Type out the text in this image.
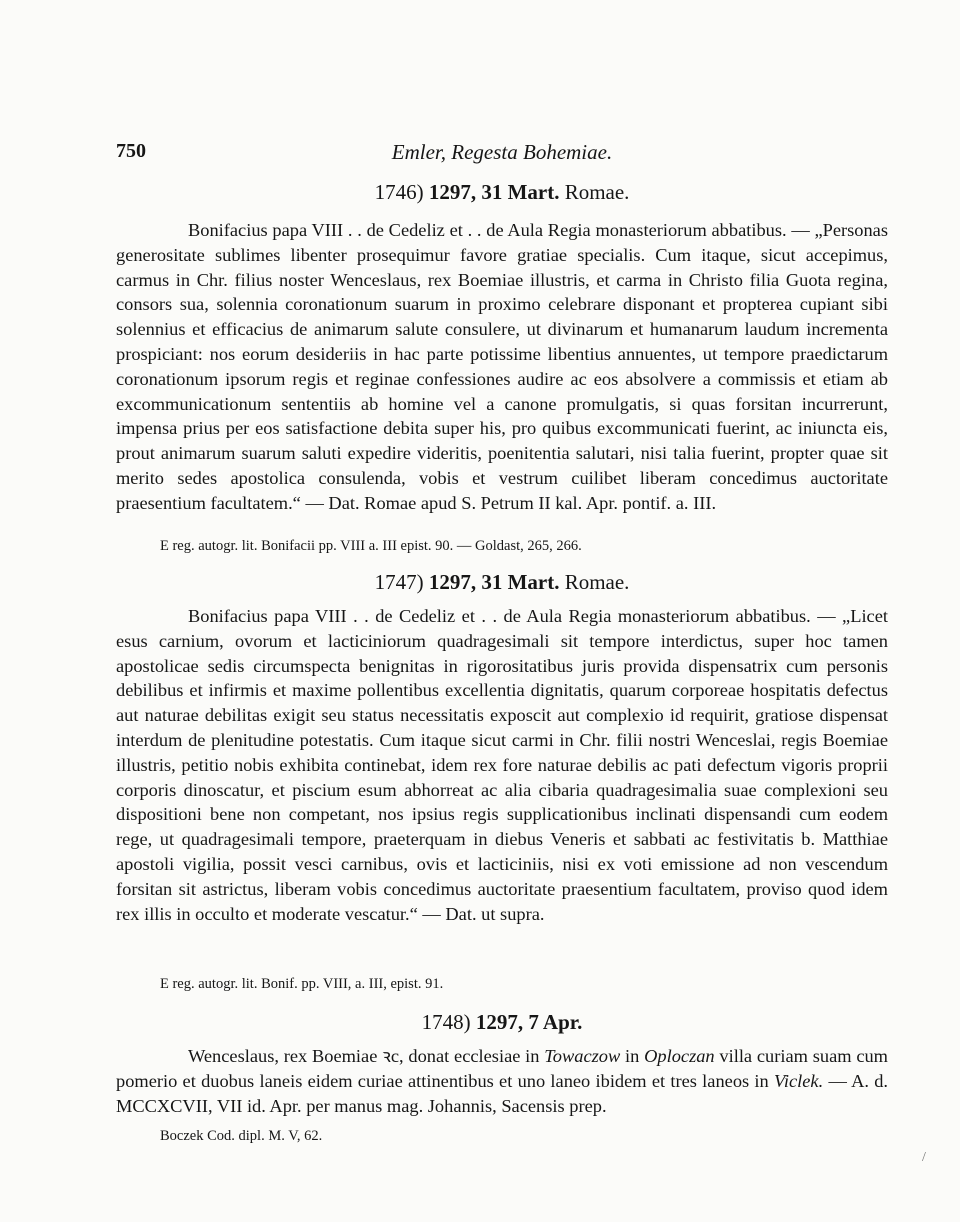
750	Emler, Regesta Bohemiae.
1746) 1297, 31 Mart. Romae.

Bonifacius papa VIII . . de Cedeliz et . . de Aula Regia monasteriorum abbatibus. — „Personas generositate sublimes libenter prosequimur favore gratiae specialis. Cum itaque, sicut accepimus, carmus in Chr. filius noster Wenceslaus, rex Boemiae illustris, et carma in Christo filia Guota regina, consors sua, solennia coronationum suarum in proximo celebrare disponant et propterea cupiant sibi solennius et efficacius de animarum salute consulere, ut divinarum et humanarum laudum incrementa prospiciant: nos eorum desideriis in hac parte potissime libentius annuentes, ut tempore praedictarum coronationum ipsorum regis et reginae confessiones audire ac eos absolvere a commissis et etiam ab excommunicationum sententiis ab homine vel a canone promulgatis, si quas forsitan incurrerunt, impensa prius per eos satisfactione debita super his, pro quibus excommunicati fuerint, ac iniuncta eis, prout animarum suarum saluti expedire videritis, poenitentia salutari, nisi talia fuerint, propter quae sit merito sedes apostolica consulenda, vobis et vestrum cuilibet liberam concedimus auctoritate praesentium facultatem.“ — Dat. Romae apud S. Petrum II kal. Apr. pontif. a. III.

E reg. autogr. lit. Bonifacii pp. VIII a. III epist. 90. — Goldast, 265, 266.
1747) 1297, 31 Mart. Romae.

Bonifacius papa VIII . . de Cedeliz et . . de Aula Regia monasteriorum abbatibus. — „Licet esus carnium, ovorum et lacticiniorum quadragesimali sit tempore interdictus, super hoc tamen apostolicae sedis circumspecta benignitas in rigorositatibus juris provida dispensatrix cum personis debilibus et infirmis et maxime pollentibus excellentia dignitatis, quarum corporeae hospitatis defectus aut naturae debilitas exigit seu status necessitatis exposcit aut complexio id requirit, gratiose dispensat interdum de plenitudine potestatis. Cum itaque sicut carmi in Chr. filii nostri Wenceslai, regis Boemiae illustris, petitio nobis exhibita continebat, idem rex fore naturae debilis ac pati defectum vigoris proprii corporis dinoscatur, et piscium esum abhorreat ac alia cibaria quadragesimalia suae complexioni seu dispositioni bene non competant, nos ipsius regis supplicationibus inclinati dispensandi cum eodem rege, ut quadragesimali tempore, praeterquam in diebus Veneris et sabbati ac festivitatis b. Matthiae apostoli vigilia, possit vesci carnibus, ovis et lacticiniis, nisi ex voti emissione ad non vescendum forsitan sit astrictus, liberam vobis concedimus auctoritate praesentium facultatem, proviso quod idem rex illis in occulto et moderate vescatur.“ — Dat. ut supra.

E reg. autogr. lit. Bonif. pp. VIII, a. III, epist. 91.
1748) 1297, 7 Apr.

Wenceslaus, rex Boemiae ꝛc, donat ecclesiae in Towaczow in Oploczan villa curiam suam cum pomerio et duobus laneis eidem curiae attinentibus et uno laneo ibidem et tres laneos in Viclek. — A. d. MCCXCVII, VII id. Apr. per manus mag. Johannis, Sacensis prep.

Boczek Cod. dipl. M. V, 62.
/
